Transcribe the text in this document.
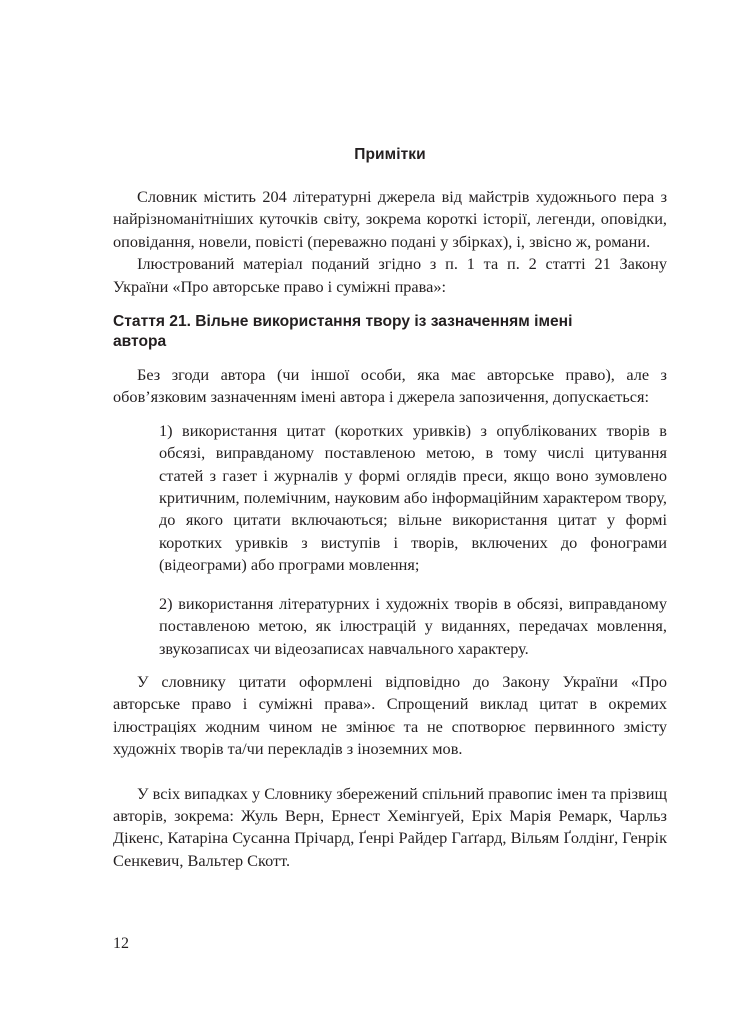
Примітки

Словник містить 204 літературні джерела від майстрів художнього пера з найрізноманітніших куточків світу, зокрема короткі історії, легенди, оповідки, оповідання, новели, повісті (переважно подані у збірках), і, звісно ж, романи.

Ілюстрований матеріал поданий згідно з п. 1 та п. 2 статті 21 Закону України «Про авторське право і суміжні права»:

Стаття 21. Вільне використання твору із зазначенням імені автора

Без згоди автора (чи іншої особи, яка має авторське право), але з обов’язковим зазначенням імені автора і джерела запозичення, допускається:

1) використання цитат (коротких уривків) з опублікованих творів в обсязі, виправданому поставленою метою, в тому числі цитування статей з газет і журналів у формі оглядів преси, якщо воно зумовлено критичним, полемічним, науковим або інформаційним характером твору, до якого цитати включаються; вільне використання цитат у формі коротких уривків з виступів і творів, включених до фонограми (відеограми) або програми мовлення;

2) використання літературних і художніх творів в обсязі, виправданому поставленою метою, як ілюстрацій у виданнях, передачах мовлення, звукозаписах чи відеозаписах навчального характеру.

У словнику цитати оформлені відповідно до Закону України «Про авторське право і суміжні права». Спрощений виклад цитат в окремих ілюстраціях жодним чином не змінює та не спотворює первинного змісту художніх творів та/чи перекладів з іноземних мов.

У всіх випадках у Словнику збережений спільний правопис імен та прізвищ авторів, зокрема: Жуль Верн, Ернест Хемінгуей, Еріх Марія Ремарк, Чарльз Дікенс, Катаріна Сусанна Прічард, Ґенрі Райдер Гаґґард, Вільям Ґолдінґ, Генрік Сенкевич, Вальтер Скотт.

12
